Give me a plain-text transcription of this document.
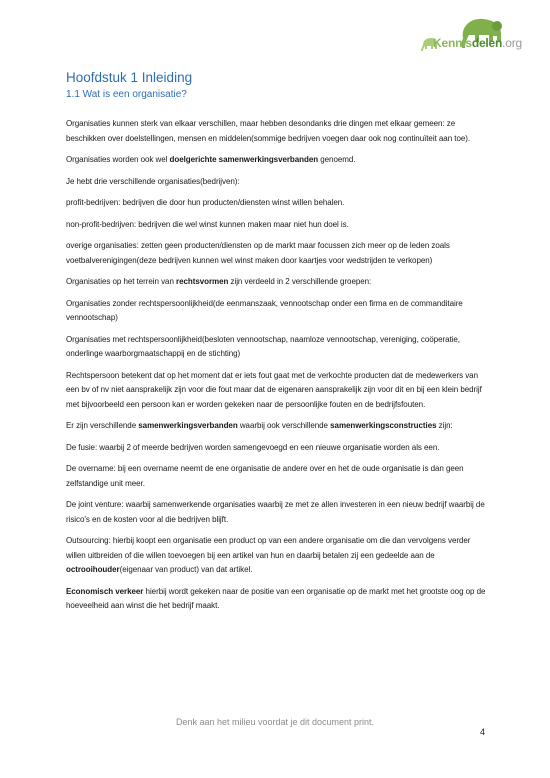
Kennisdelen.org
Hoofdstuk 1 Inleiding
1.1 Wat is een organisatie?

Organisaties kunnen sterk van elkaar verschillen, maar hebben desondanks drie dingen met elkaar gemeen: ze beschikken over doelstellingen, mensen en middelen(sommige bedrijven voegen daar ook nog continuïteit aan toe).

Organisaties worden ook wel doelgerichte samenwerkingsverbanden genoemd.

Je hebt drie verschillende organisaties(bedrijven):

profit-bedrijven: bedrijven die door hun producten/diensten winst willen behalen.

non-profit-bedrijven: bedrijven die wel winst kunnen maken maar niet hun doel is.

overige organisaties: zetten geen producten/diensten op de markt maar focussen zich meer op de leden zoals voetbalverenigingen(deze bedrijven kunnen wel winst maken door kaartjes voor wedstrijden te verkopen)

Organisaties op het terrein van rechtsvormen zijn verdeeld in 2 verschillende groepen:

Organisaties zonder rechtspersoonlijkheid(de eenmanszaak, vennootschap onder een firma en de commanditaire vennootschap)

Organisaties met rechtspersoonlijkheid(besloten vennootschap, naamloze vennootschap, vereniging, coöperatie, onderlinge waarborgmaatschappij en de stichting)

Rechtspersoon betekent dat op het moment dat er iets fout gaat met de verkochte producten dat de medewerkers van een bv of nv niet aansprakelijk zijn voor die fout maar dat de eigenaren aansprakelijk zijn voor dit en bij een klein bedrijf met bijvoorbeeld een persoon kan er worden gekeken naar de persoonlijke fouten en de bedrijfsfouten.

Er zijn verschillende samenwerkingsverbanden waarbij ook verschillende samenwerkingsconstructies zijn:

De fusie: waarbij 2 of meerde bedrijven worden samengevoegd en een nieuwe organisatie worden als een.

De overname: bij een overname neemt de ene organisatie de andere over en het de oude organisatie is dan geen zelfstandige unit meer.

De joint venture: waarbij samenwerkende organisaties waarbij ze met ze allen investeren in een nieuw bedrijf waarbij de risico's en de kosten voor al die bedrijven blijft.

Outsourcing: hierbij koopt een organisatie een product op van een andere organisatie om die dan vervolgens verder willen uitbreiden of die willen toevoegen bij een artikel van hun en daarbij betalen zij een gedeelde aan de octrooihouder(eigenaar van product) van dat artikel.

Economisch verkeer hierbij wordt gekeken naar de positie van een organisatie op de markt met het grootste oog op de hoeveelheid aan winst die het bedrijf maakt.

Denk aan het milieu voordat je dit document print.
4
